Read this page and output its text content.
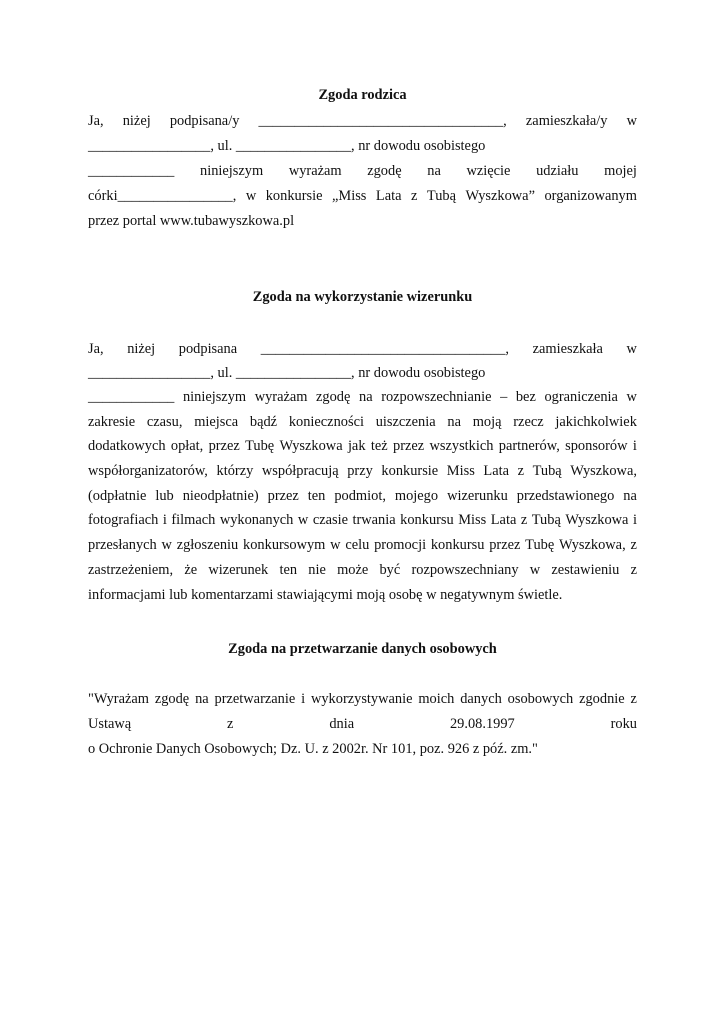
Zgoda rodzica
Ja, niżej podpisana/y __________________________________, zamieszkała/y w
_________________, ul. ________________, nr dowodu osobistego
____________ niniejszym wyrażam zgodę na wzięcie udziału mojej
córki________________, w konkursie „Miss Lata z Tubą Wyszkowa” organizowanym
przez portal www.tubawyszkowa.pl
Zgoda na wykorzystanie wizerunku
Ja, niżej podpisana __________________________________, zamieszkała w
_________________, ul. ________________, nr dowodu osobistego
____________ niniejszym wyrażam zgodę na rozpowszechnianie – bez ograniczenia w
zakresie czasu, miejsca bądź konieczności uiszczenia na moją rzecz jakichkolwiek
dodatkowych opłat, przez Tubę Wyszkowa jak też przez wszystkich partnerów, sponsorów i
współorganizatorów, którzy współpracują przy konkursie Miss Lata z Tubą Wyszkowa,
(odpłatnie lub nieodpłatnie) przez ten podmiot, mojego wizerunku przedstawionego na
fotografiach i filmach wykonanych w czasie trwania konkursu Miss Lata z Tubą Wyszkowa i
przesłanych w zgłoszeniu konkursowym w celu promocji konkursu przez Tubę Wyszkowa, z
zastrzeżeniem, że wizerunek ten nie może być rozpowszechniany w zestawieniu z
informacjami lub komentarzami stawiającymi moją osobę w negatywnym świetle.
Zgoda na przetwarzanie danych osobowych
"Wyrażam zgodę na przetwarzanie i wykorzystywanie moich danych osobowych zgodnie z
Ustawą	z	dnia	29.08.1997	roku
o Ochronie Danych Osobowych; Dz. U. z 2002r. Nr 101, poz. 926 z póź. zm."
